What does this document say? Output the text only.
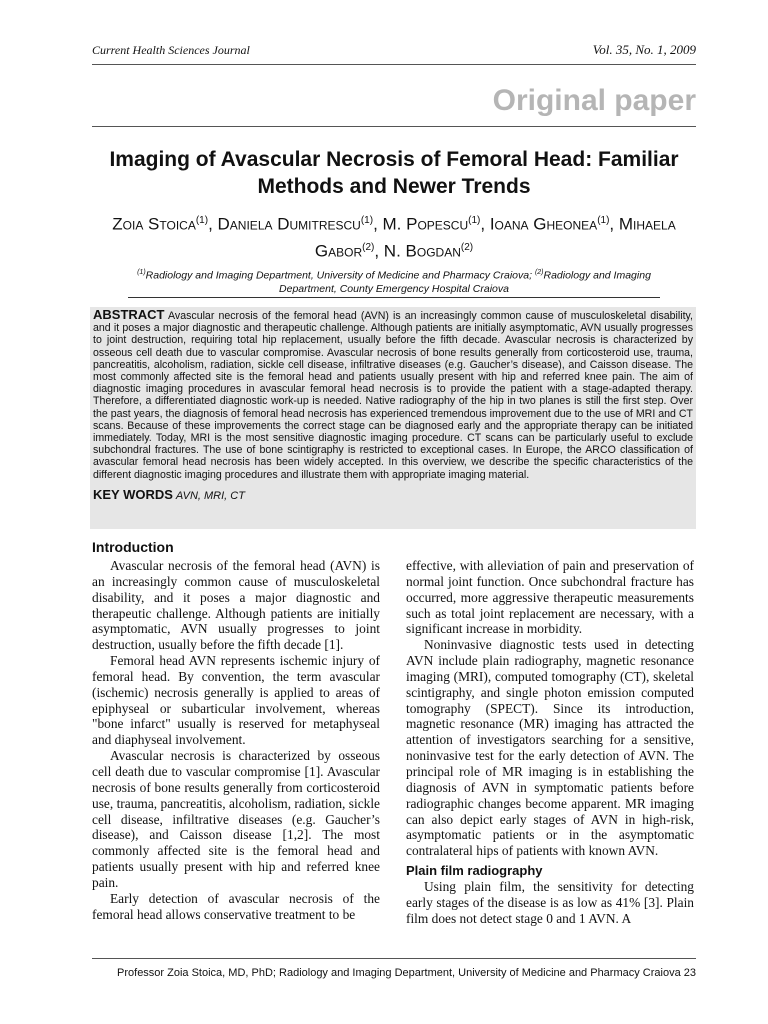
Current Health Sciences Journal	Vol. 35, No. 1, 2009
Original paper
Imaging of Avascular Necrosis of Femoral Head: Familiar Methods and Newer Trends
Zoia Stoica$^{(1)}$, Daniela Dumitrescu$^{(1)}$, M. Popescu$^{(1)}$, Ioana Gheonea$^{(1)}$, Mihaela Gabor$^{(2)}$, N. Bogdan$^{(2)}$
$^{(1)}$Radiology and Imaging Department, University of Medicine and Pharmacy Craiova; $^{(2)}$Radiology and Imaging Department, County Emergency Hospital Craiova
ABSTRACT Avascular necrosis of the femoral head (AVN) is an increasingly common cause of musculoskeletal disability, and it poses a major diagnostic and therapeutic challenge. Although patients are initially asymptomatic, AVN usually progresses to joint destruction, requiring total hip replacement, usually before the fifth decade. Avascular necrosis is characterized by osseous cell death due to vascular compromise. Avascular necrosis of bone results generally from corticosteroid use, trauma, pancreatitis, alcoholism, radiation, sickle cell disease, infiltrative diseases (e.g. Gaucher’s disease), and Caisson disease. The most commonly affected site is the femoral head and patients usually present with hip and referred knee pain. The aim of diagnostic imaging procedures in avascular femoral head necrosis is to provide the patient with a stage-adapted therapy. Therefore, a differentiated diagnostic work-up is needed. Native radiography of the hip in two planes is still the first step. Over the past years, the diagnosis of femoral head necrosis has experienced tremendous improvement due to the use of MRI and CT scans. Because of these improvements the correct stage can be diagnosed early and the appropriate therapy can be initiated immediately. Today, MRI is the most sensitive diagnostic imaging procedure. CT scans can be particularly useful to exclude subchondral fractures. The use of bone scintigraphy is restricted to exceptional cases. In Europe, the ARCO classification of avascular femoral head necrosis has been widely accepted. In this overview, we describe the specific characteristics of the different diagnostic imaging procedures and illustrate them with appropriate imaging material.
KEY WORDS AVN, MRI, CT
Introduction

Avascular necrosis of the femoral head (AVN) is an increasingly common cause of musculoskeletal disability, and it poses a major diagnostic and therapeutic challenge. Although patients are initially asymptomatic, AVN usually progresses to joint destruction, usually before the fifth decade [1].

Femoral head AVN represents ischemic injury of femoral head. By convention, the term avascular (ischemic) necrosis generally is applied to areas of epiphyseal or subarticular involvement, whereas "bone infarct" usually is reserved for metaphyseal and diaphyseal involvement.

Avascular necrosis is characterized by osseous cell death due to vascular compromise [1]. Avascular necrosis of bone results generally from corticosteroid use, trauma, pancreatitis, alcoholism, radiation, sickle cell disease, infiltrative diseases (e.g. Gaucher’s disease), and Caisson disease [1,2]. The most commonly affected site is the femoral head and patients usually present with hip and referred knee pain.

Early detection of avascular necrosis of the femoral head allows conservative treatment to be

effective, with alleviation of pain and preservation of normal joint function. Once subchondral fracture has occurred, more aggressive therapeutic measurements such as total joint replacement are necessary, with a significant increase in morbidity.

Noninvasive diagnostic tests used in detecting AVN include plain radiography, magnetic resonance imaging (MRI), computed tomography (CT), skeletal scintigraphy, and single photon emission computed tomography (SPECT). Since its introduction, magnetic resonance (MR) imaging has attracted the attention of investigators searching for a sensitive, noninvasive test for the early detection of AVN. The principal role of MR imaging is in establishing the diagnosis of AVN in symptomatic patients before radiographic changes become apparent. MR imaging can also depict early stages of AVN in high-risk, asymptomatic patients or in the asymptomatic contralateral hips of patients with known AVN.

Plain film radiography

Using plain film, the sensitivity for detecting early stages of the disease is as low as 41% [3]. Plain film does not detect stage 0 and 1 AVN. A

Professor Zoia Stoica, MD, PhD; Radiology and Imaging Department, University of Medicine and Pharmacy Craiova 23
